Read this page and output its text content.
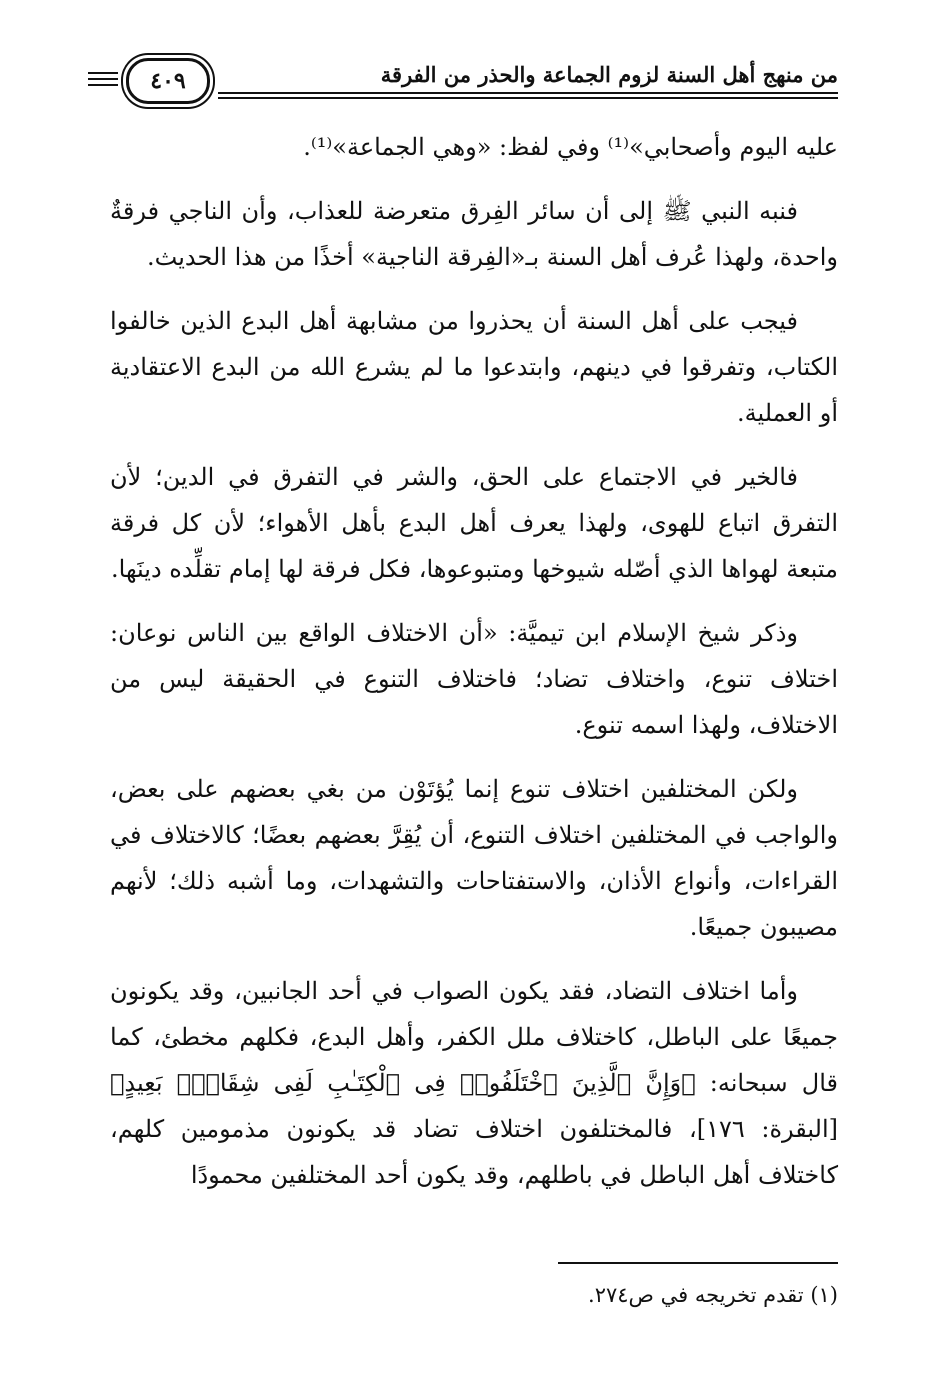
من منهج أهل السنة لزوم الجماعة والحذر من الفرقة
٤٠٩

عليه اليوم وأصحابي»⁽¹⁾ وفي لفظ: «وهي الجماعة»⁽¹⁾.

فنبه النبي ﷺ إلى أن سائر الفِرق متعرضة للعذاب، وأن الناجي فرقةٌ واحدة، ولهذا عُرف أهل السنة بـ«الفِرقة الناجية» أخذًا من هذا الحديث.

فيجب على أهل السنة أن يحذروا من مشابهة أهل البدع الذين خالفوا الكتاب، وتفرقوا في دينهم، وابتدعوا ما لم يشرع الله من البدع الاعتقادية أو العملية.

فالخير في الاجتماع على الحق، والشر في التفرق في الدين؛ لأن التفرق اتباع للهوى، ولهذا يعرف أهل البدع بأهل الأهواء؛ لأن كل فرقة متبعة لهواها الذي أصّله شيوخها ومتبوعوها، فكل فرقة لها إمام تقلِّده دينَها.

وذكر شيخ الإسلام ابن تيميَّة: «أن الاختلاف الواقع بين الناس نوعان: اختلاف تنوع، واختلاف تضاد؛ فاختلاف التنوع في الحقيقة ليس من الاختلاف، ولهذا اسمه تنوع.

ولكن المختلفين اختلاف تنوع إنما يُؤتَوْن من بغي بعضهم على بعض، والواجب في المختلفين اختلاف التنوع، أن يُقِرَّ بعضهم بعضًا؛ كالاختلاف في القراءات، وأنواع الأذان، والاستفتاحات والتشهدات، وما أشبه ذلك؛ لأنهم مصيبون جميعًا.

وأما اختلاف التضاد، فقد يكون الصواب في أحد الجانبين، وقد يكونون جميعًا على الباطل، كاختلاف ملل الكفر، وأهل البدع، فكلهم مخطئ، كما قال سبحانه: ﴿وَإِنَّ ٱلَّذِينَ ٱخْتَلَفُوا۟ فِى ٱلْكِتَـٰبِ لَفِى شِقَاقٍۭ بَعِيدٍ﴾ [البقرة: ١٧٦]، فالمختلفون اختلاف تضاد قد يكونون مذمومين كلهم، كاختلاف أهل الباطل في باطلهم، وقد يكون أحد المختلفين محمودًا

(١) تقدم تخريجه في ص٢٧٤.
